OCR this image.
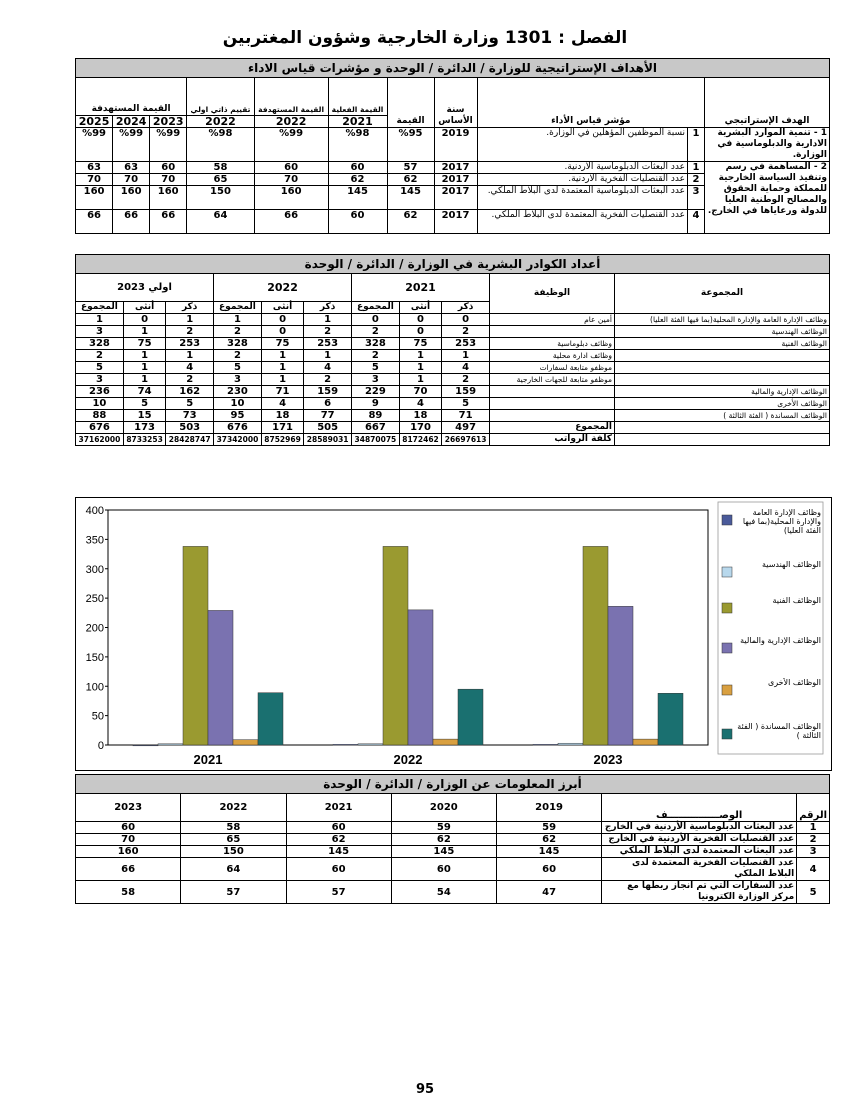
الفصل : 1301 وزارة الخارجية وشؤون المغتربين
الأهداف الإستراتيجية للوزارة / الدائرة / الوحدة و مؤشرات قياس الاداء										
الهدف الإستراتيجي	مؤشر قياس الأداء		سنة الأساس	القيمة	القيمة الفعلية	القيمة المستهدفة	تقييم ذاتي اولي	القيمة المستهدفة		
					2021	2022	2022	2023	2024	2025
1 - تنمية الموارد البشرية الادارية والدبلوماسية في الوزارة.	1	نسبة الموظفين المؤهلين في الوزارة.	2019	%95	%98	%99	%98	%99	%99	%99
2 - المساهمة في رسم وتنفيذ السياسة الخارجية للمملكة وحماية الحقوق والمصالح الوطنية العليا للدولة ورعاياها في الخارج.	1	عدد البعثات الدبلوماسية الاردنية.	2017	57	60	60	58	60	63	63
	2	عدد القنصليات الفخرية الاردنية.	2017	62	62	70	65	70	70	70
	3	عدد البعثات الدبلوماسية المعتمدة لدى البلاط الملكي.	2017	145	145	160	150	160	160	160
	4	عدد القنصليات الفخرية المعتمدة لدى البلاط الملكي.	2017	62	60	66	64	66	66	66
أعداد الكوادر البشرية في الوزارة / الدائرة / الوحدة										
المجموعة	الوظيفة	2021			2022			اولي 2023		
		ذكر	أنثى	المجموع	ذكر	أنثى	المجموع	ذكر	أنثى	المجموع
وظائف الإدارة العامة والإدارة المحلية(بما فيها الفئة العليا)	أمين عام	0	0	0	1	0	1	1	0	1
الوظائف الهندسية		2	0	2	2	0	2	2	1	3
الوظائف الفنية	وظائف دبلوماسية	253	75	328	253	75	328	253	75	328
	وظائف ادارة محلية	1	1	2	1	1	2	1	1	2
	موظفو متابعة لسفارات	4	1	5	4	1	5	4	1	5
	موظفو متابعة للجهات الخارجية	2	1	3	2	1	3	2	1	3
الوظائف الإدارية والمالية		159	70	229	159	71	230	162	74	236
الوظائف الأخرى		5	4	9	6	4	10	5	5	10
الوظائف المساندة ( الفئة الثالثة )		71	18	89	77	18	95	73	15	88
	المجموع	497	170	667	505	171	676	503	173	676
	كلفة الرواتب	26697613	8172462	34870075	28589031	8752969	37342000	28428747	8733253	37162000
0
50
100
150
200
250
300
350
400
2021	2022	2023
وظائف الإدارة العامة والإدارة المحلية(بما فيها الفئة العليا)
الوظائف الهندسية
الوظائف الفنية
الوظائف الإدارية والمالية
الوظائف الأخرى
الوظائف المساندة ( الفئة الثالثة )
أبرز المعلومات عن الوزارة / الدائرة / الوحدة						
الرقم	الوصـــــــــــــــف	2019	2020	2021	2022	2023
1	عدد البعثات الدبلوماسية الأردنية في الخارج	59	59	60	58	60
2	عدد القنصليات الفخرية الأردنية في الخارج	62	62	62	65	70
3	عدد البعثات المعتمدة لدى البلاط الملكي	145	145	145	150	160
4	عدد القنصليات الفخرية المعتمدة لدى البلاط الملكي	60	60	60	64	66
5	عدد السفارات التي تم انجاز ربطها مع مركز الوزارة الكترونيا	47	54	57	57	58
95
